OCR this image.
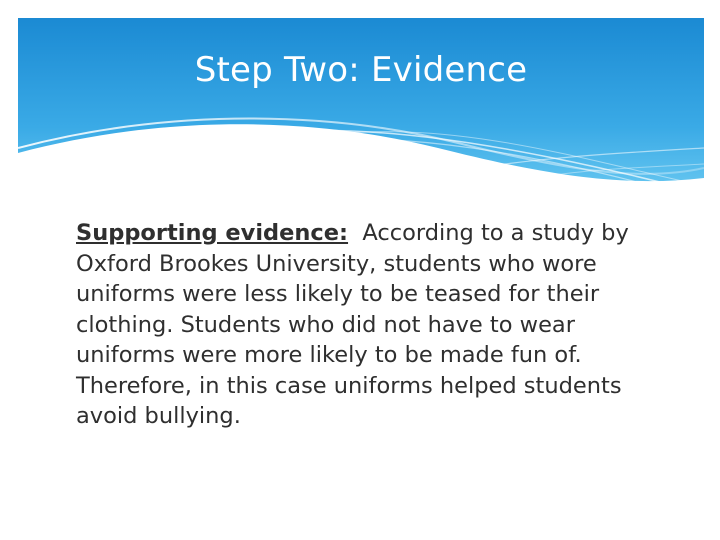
Step Two: Evidence

Supporting evidence: According to a study by Oxford Brookes University, students who wore uniforms were less likely to be teased for their clothing. Students who did not have to wear uniforms were more likely to be made fun of. Therefore, in this case uniforms helped students avoid bullying.
